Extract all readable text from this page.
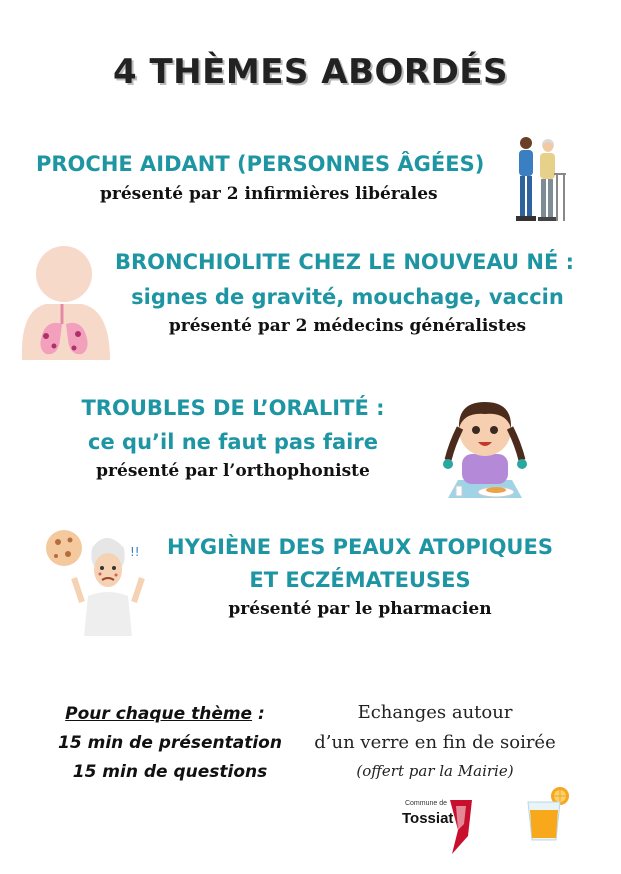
4 THÈMES ABORDÉS
PROCHE AIDANT (PERSONNES ÂGÉES)
présenté par 2 infirmières libérales
BRONCHIOLITE CHEZ LE NOUVEAU NÉ :
signes de gravité, mouchage, vaccin
présenté par 2 médecins généralistes
TROUBLES DE L’ORALITÉ :
ce qu’il ne faut pas faire
présenté par l’orthophoniste
!!	HYGIÈNE DES PEAUX ATOPIQUES
ET ECZÉMATEUSES
présenté par le pharmacien
Pour chaque thème :
15 min de présentation
15 min de questions
Echanges autour
d’un verre en fin de soirée
(offert par la Mairie)
Commune de
Tossiat
